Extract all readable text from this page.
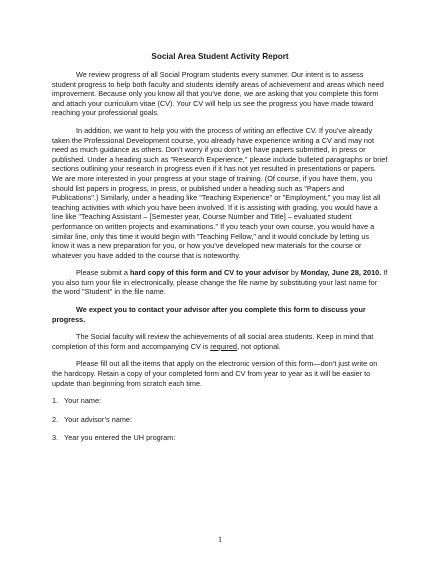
Social Area Student Activity Report

We review progress of all Social Program students every summer. Our intent is to assess student progress to help both faculty and students identify areas of achievement and areas which need improvement. Because only you know all that you’ve done, we are asking that you complete this form and attach your curriculum vitae (CV). Your CV will help us see the progress you have made toward reaching your professional goals.

In addition, we want to help you with the process of writing an effective CV. If you’ve already taken the Professional Development course, you already have experience writing a CV and may not need as much guidance as others. Don’t worry if you don’t yet have papers submitted, in press or published. Under a heading such as "Research Experience," please include bulleted paragraphs or brief sections outlining your research in progress even if it has not yet resulted in presentations or papers. We are more interested in your progress at your stage of training. (Of course, if you have them, you should list papers in progress, in press, or published under a heading such as "Papers and Publications".) Similarly, under a heading like "Teaching Experience" or "Employment," you may list all teaching activities with which you have been involved. If it is assisting with grading, you would have a line like "Teaching Assistant – [Semester year, Course Number and Title] – evaluated student performance on written projects and examinations." If you teach your own course, you would have a similar line, only this time it would begin with "Teaching Fellow," and it would conclude by letting us know it was a new preparation for you, or how you’ve developed new materials for the course or whatever you have added to the course that is noteworthy.

Please submit a hard copy of this form and CV to your advisor by Monday, June 28, 2010. If you also turn your file in electronically, please change the file name by substituting your last name for the word "Student" in the file name.

We expect you to contact your advisor after you complete this form to discuss your progress.

The Social faculty will review the achievements of all social area students. Keep in mind that completion of this form and accompanying CV is required, not optional.

Please fill out all the items that apply on the electronic version of this form—don’t just write on the hardcopy. Retain a copy of your completed form and CV from year to year as it will be easier to update than beginning from scratch each time.

1. Your name:
2. Your advisor’s name:
3. Year you entered the UH program:
1
